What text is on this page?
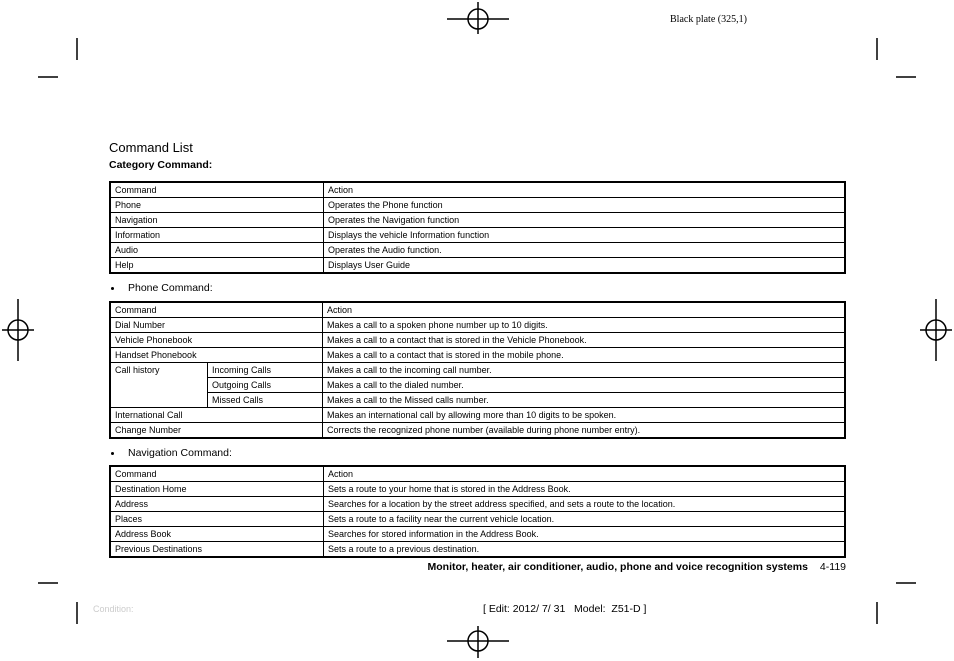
Black plate (325,1)
Command List
Category Command:
Command	Action
Phone	Operates the Phone function
Navigation	Operates the Navigation function
Information	Displays the vehicle Information function
Audio	Operates the Audio function.
Help	Displays User Guide
Phone Command:
Command		Action
Dial Number		Makes a call to a spoken phone number up to 10 digits.
Vehicle Phonebook		Makes a call to a contact that is stored in the Vehicle Phonebook.
Handset Phonebook		Makes a call to a contact that is stored in the mobile phone.
Call history	Incoming Calls	Makes a call to the incoming call number.
	Outgoing Calls	Makes a call to the dialed number.
	Missed Calls	Makes a call to the Missed calls number.
International Call		Makes an international call by allowing more than 10 digits to be spoken.
Change Number		Corrects the recognized phone number (available during phone number entry).
Navigation Command:
Command	Action
Destination Home	Sets a route to your home that is stored in the Address Book.
Address	Searches for a location by the street address specified, and sets a route to the location.
Places	Sets a route to a facility near the current vehicle location.
Address Book	Searches for stored information in the Address Book.
Previous Destinations	Sets a route to a previous destination.
Monitor, heater, air conditioner, audio, phone and voice recognition systems 4-119
Condition:	[ Edit: 2012/ 7/ 31   Model:  Z51-D ]
